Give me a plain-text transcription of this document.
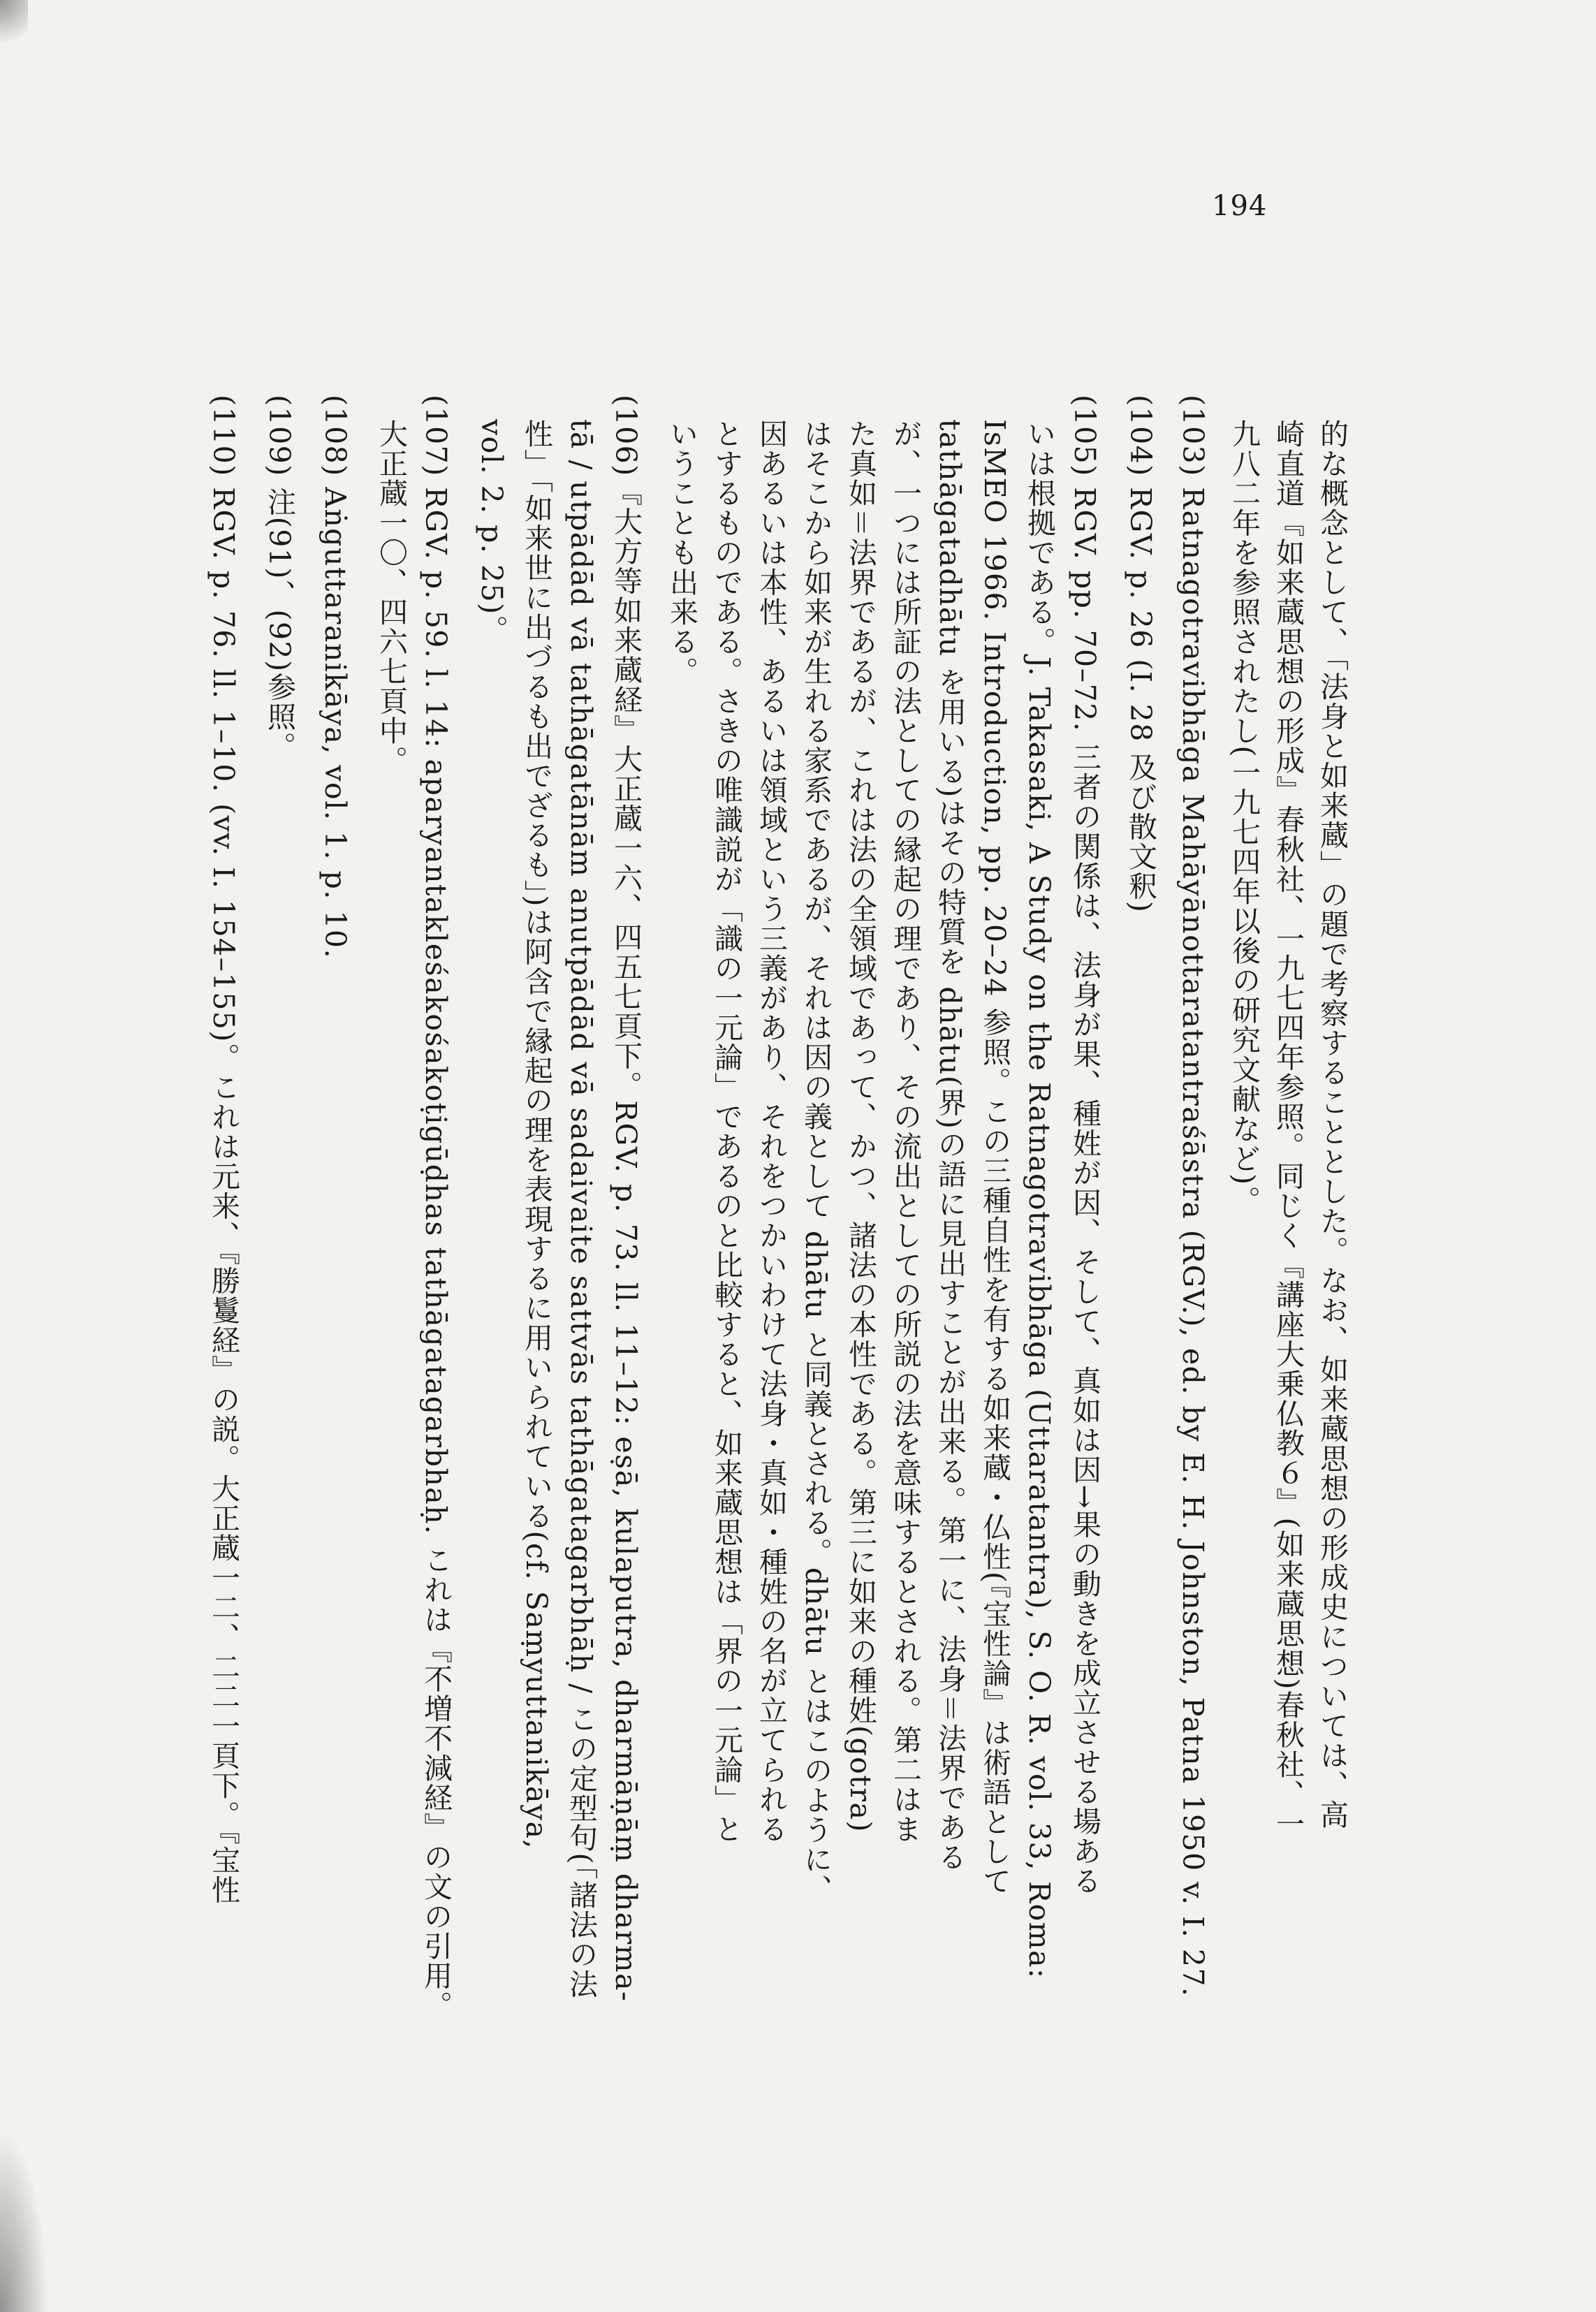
194
的な概念として、「法身と如来蔵」の題で考察することとした。なお、如来蔵思想の形成史については、高
崎直道『如来蔵思想の形成』春秋社、一九七四年参照。同じく『講座大乗仏教６』(如来蔵思想)春秋社、一
九八二年を参照されたし(一九七四年以後の研究文献など)。
(103) Ratnagotravibhāga Mahāyānottaratantraśāstra (RGV.), ed. by E. H. Johnston, Patna 1950 v. I. 27.
(104) RGV. p. 26 (I. 28 及び散文釈)
(105) RGV. pp. 70–72. 三者の関係は、法身が果、種姓が因、そして、真如は因→果の動きを成立させる場ある
いは根拠である。J. Takasaki, A Study on the Ratnagotravibhāga (Uttaratantra), S. O. R. vol. 33, Roma:
IsMEO 1966. Introduction, pp. 20–24 参照。この三種自性を有する如来蔵・仏性(『宝性論』は術語として
tathāgatadhātu を用いる)はその特質を dhātu(界)の語に見出すことが出来る。第一に、法身＝法界である
が、一つには所証の法としての縁起の理であり、その流出としての所説の法を意味するとされる。第二はま
た真如＝法界であるが、これは法の全領域であって、かつ、諸法の本性である。第三に如来の種姓(gotra)
はそこから如来が生れる家系であるが、それは因の義として dhātu と同義とされる。dhātu とはこのように、
因あるいは本性、あるいは領域という三義があり、それをつかいわけて法身・真如・種姓の名が立てられる
とするものである。さきの唯識説が「識の一元論」であるのと比較すると、如来蔵思想は「界の一元論」と
いうことも出来る。
(106)『大方等如来蔵経』大正蔵一六、四五七頁下。RGV. p. 73. ll. 11–12: eṣā, kulaputra, dharmāṇāṃ dharma-
tā / utpādād vā tathāgatānām anutpādād vā sadaivaite sattvās tathāgatagarbhāḥ / この定型句(「諸法の法
性」「如来世に出づるも出でざるも」)は阿含で縁起の理を表現するに用いられている(cf. Saṃyuttanikāya,
vol. 2. p. 25)。
(107) RGV. p. 59. l. 14: aparyantakleśakośakoṭigūḍhas tathāgatagarbhaḥ. これは『不増不減経』の文の引用。
大正蔵一〇、四六七頁中。
(108) Aṅguttaranikāya, vol. 1. p. 10.
(109) 注(91)、(92)参照。
(110) RGV. p. 76. ll. 1–10. (vv. I. 154–155)。これは元来、『勝鬘経』の説。大正蔵一二、二二一頁下。『宝性
